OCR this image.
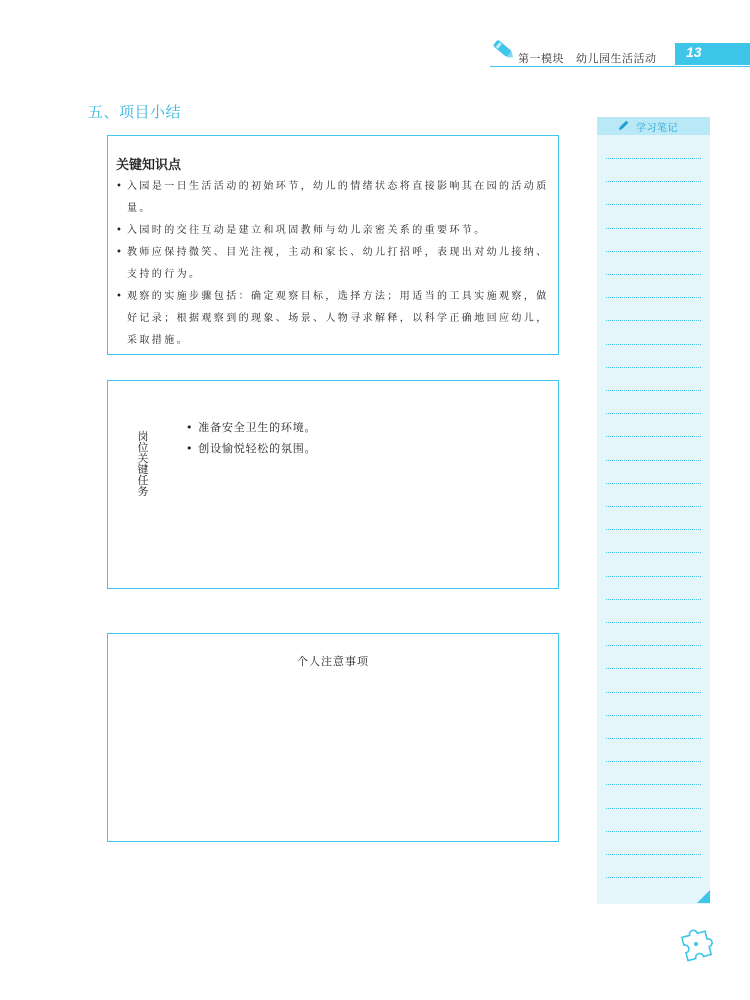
第一模块 幼儿园生活活动 13
五、项目小结
关键知识点
• 入园是一日生活活动的初始环节，幼儿的情绪状态将直接影响其在园的活动质量。
• 入园时的交往互动是建立和巩固教师与幼儿亲密关系的重要环节。
• 教师应保持微笑、目光注视，主动和家长、幼儿打招呼，表现出对幼儿接纳、支持的行为。
• 观察的实施步骤包括：确定观察目标，选择方法；用适当的工具实施观察，做好记录；根据观察到的现象、场景、人物寻求解释，以科学正确地回应幼儿，采取措施。
岗位关键任务
• 准备安全卫生的环境。
• 创设愉悦轻松的氛围。
个人注意事项
学习笔记
